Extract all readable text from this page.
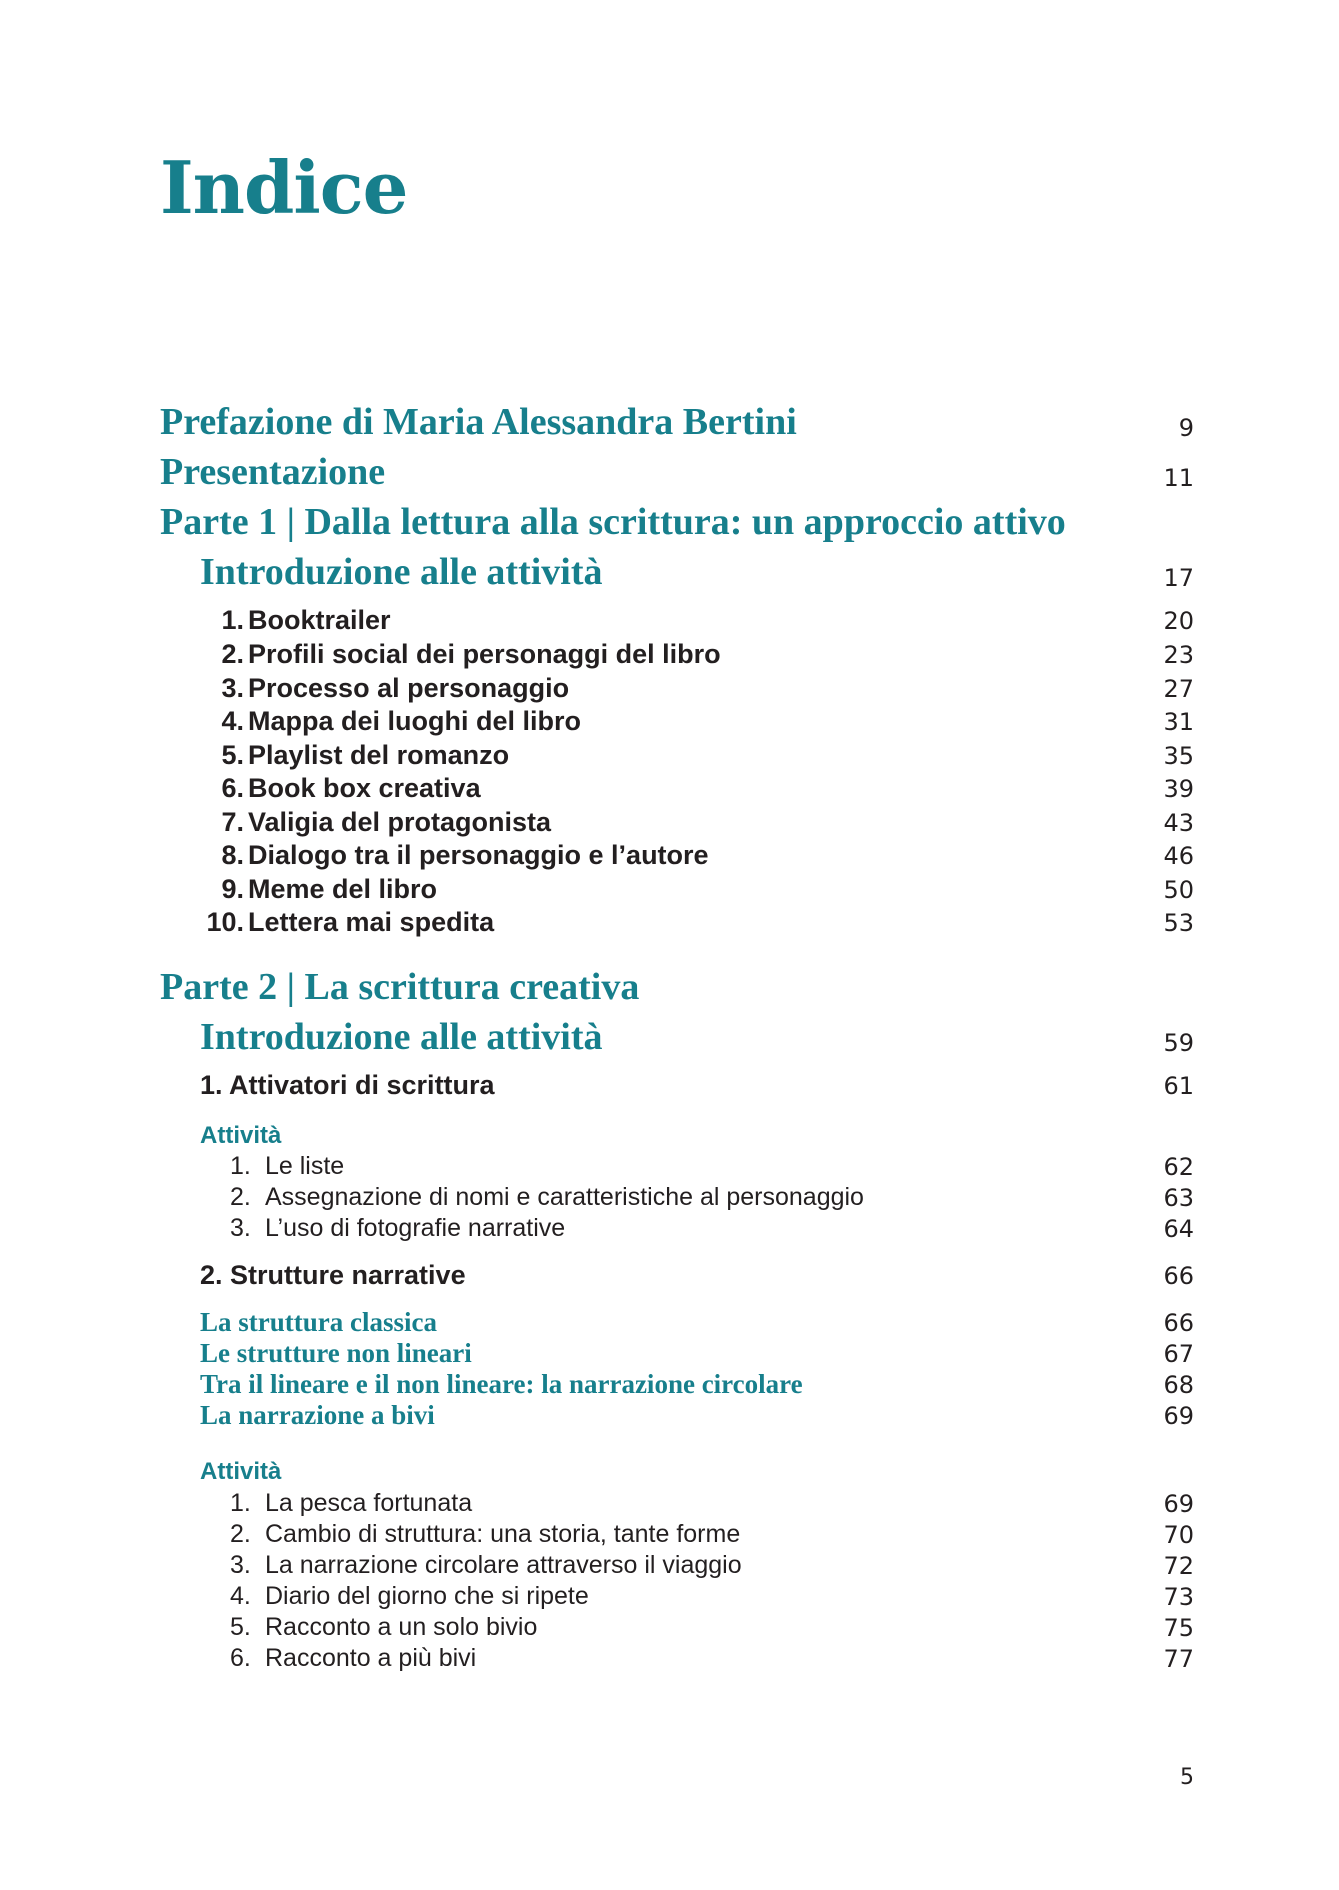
Indice
Prefazione di Maria Alessandra Bertini	9
Presentazione	11
Parte 1 | Dalla lettura alla scrittura: un approccio attivo
Introduzione alle attività	17
1. Booktrailer	20
2. Profili social dei personaggi del libro	23
3. Processo al personaggio	27
4. Mappa dei luoghi del libro	31
5. Playlist del romanzo	35
6. Book box creativa	39
7. Valigia del protagonista	43
8. Dialogo tra il personaggio e l’autore	46
9. Meme del libro	50
10. Lettera mai spedita	53
Parte 2 | La scrittura creativa
Introduzione alle attività	59
1. Attivatori di scrittura	61
Attività
1. Le liste	62
2. Assegnazione di nomi e caratteristiche al personaggio	63
3. L’uso di fotografie narrative	64
2. Strutture narrative	66
La struttura classica	66
Le strutture non lineari	67
Tra il lineare e il non lineare: la narrazione circolare	68
La narrazione a bivi	69
Attività
1. La pesca fortunata	69
2. Cambio di struttura: una storia, tante forme	70
3. La narrazione circolare attraverso il viaggio	72
4. Diario del giorno che si ripete	73
5. Racconto a un solo bivio	75
6. Racconto a più bivi	77
5
